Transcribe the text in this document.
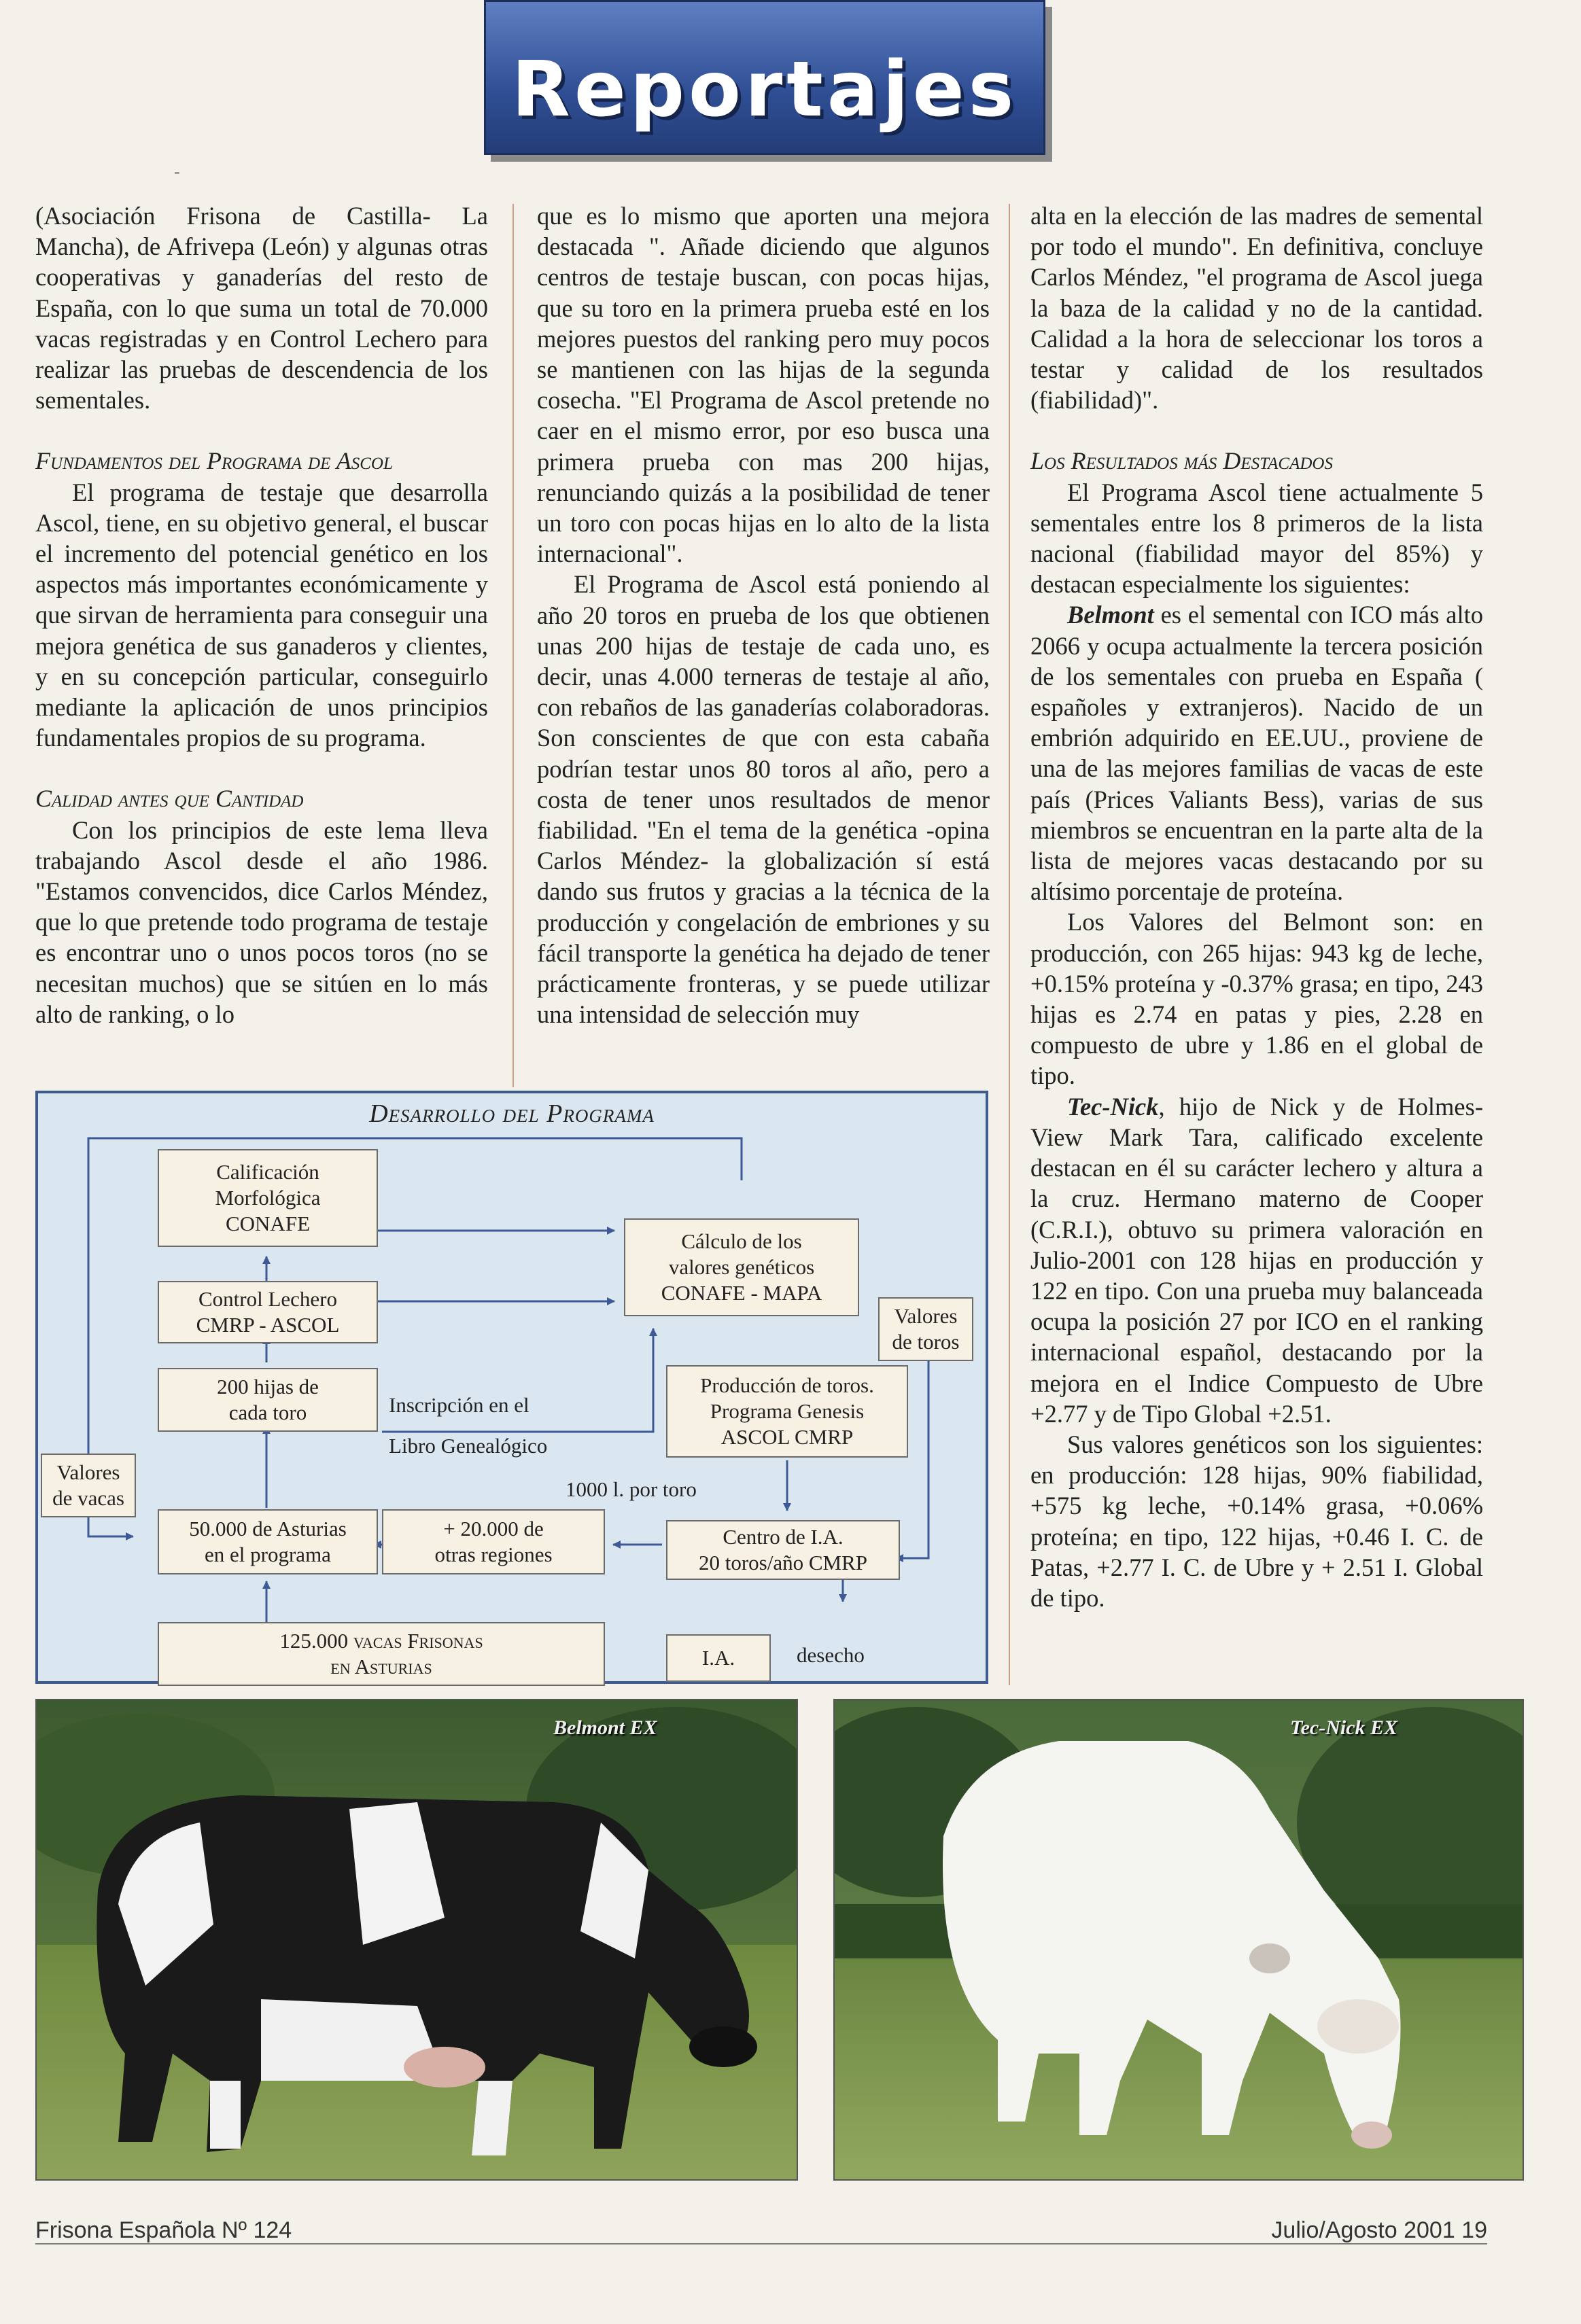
Reportajes
-

(Asociación Frisona de Castilla- La Mancha), de Afrivepa (León) y algunas otras cooperativas y ganaderías del resto de España, con lo que suma un total de 70.000 vacas registradas y en Control Lechero para realizar las pruebas de descendencia de los sementales.

Fundamentos del Programa de Ascol

El programa de testaje que desarrolla Ascol, tiene, en su objetivo general, el buscar el incremento del potencial genético en los aspectos más importantes económicamente y que sirvan de herramienta para conseguir una mejora genética de sus ganaderos y clientes, y en su concepción particular, conseguirlo mediante la aplicación de unos principios fundamentales propios de su programa.

Calidad antes que Cantidad

Con los principios de este lema lleva trabajando Ascol desde el año 1986. "Estamos convencidos, dice Carlos Méndez, que lo que pretende todo programa de testaje es encontrar uno o unos pocos toros (no se necesitan muchos) que se sitúen en lo más alto de ranking, o lo

que es lo mismo que aporten una mejora destacada ". Añade diciendo que algunos centros de testaje buscan, con pocas hijas, que su toro en la primera prueba esté en los mejores puestos del ranking pero muy pocos se mantienen con las hijas de la segunda cosecha. "El Programa de Ascol pretende no caer en el mismo error, por eso busca una primera prueba con mas 200 hijas, renunciando quizás a la posibilidad de tener un toro con pocas hijas en lo alto de la lista internacional".

El Programa de Ascol está poniendo al año 20 toros en prueba de los que obtienen unas 200 hijas de testaje de cada uno, es decir, unas 4.000 terneras de testaje al año, con rebaños de las ganaderías colaboradoras. Son conscientes de que con esta cabaña podrían testar unos 80 toros al año, pero a costa de tener unos resultados de menor fiabilidad. "En el tema de la genética -opina Carlos Méndez- la globalización sí está dando sus frutos y gracias a la técnica de la producción y congelación de embriones y su fácil transporte la genética ha dejado de tener prácticamente fronteras, y se puede utilizar una intensidad de selección muy

alta en la elección de las madres de semental por todo el mundo". En definitiva, concluye Carlos Méndez, "el programa de Ascol juega la baza de la calidad y no de la cantidad. Calidad a la hora de seleccionar los toros a testar y calidad de los resultados (fiabilidad)".

Los Resultados más Destacados

El Programa Ascol tiene actualmente 5 sementales entre los 8 primeros de la lista nacional (fiabilidad mayor del 85%) y destacan especialmente los siguientes:

Belmont es el semental con ICO más alto 2066 y ocupa actualmente la tercera posición de los sementales con prueba en España ( españoles y extranjeros). Nacido de un embrión adquirido en EE.UU., proviene de una de las mejores familias de vacas de este país (Prices Valiants Bess), varias de sus miembros se encuentran en la parte alta de la lista de mejores vacas destacando por su altísimo porcentaje de proteína.

Los Valores del Belmont son: en producción, con 265 hijas: 943 kg de leche, +0.15% proteína y -0.37% grasa; en tipo, 243 hijas es 2.74 en patas y pies, 2.28 en compuesto de ubre y 1.86 en el global de tipo.

Tec-Nick, hijo de Nick y de Holmes-View Mark Tara, calificado excelente destacan en él su carácter lechero y altura a la cruz. Hermano materno de Cooper (C.R.I.), obtuvo su primera valoración en Julio-2001 con 128 hijas en producción y 122 en tipo. Con una prueba muy balanceada ocupa la posición 27 por ICO en el ranking internacional español, destacando por la mejora en el Indice Compuesto de Ubre +2.77 y de Tipo Global +2.51.

Sus valores genéticos son los siguientes: en producción: 128 hijas, 90% fiabilidad, +575 kg leche, +0.14% grasa, +0.06% proteína; en tipo, 122 hijas, +0.46 I. C. de Patas, +2.77 I. C. de Ubre y + 2.51 I. Global de tipo.

Desarrollo del Programa
Calificación
Morfológica
CONAFE
Control Lechero
CMRP - ASCOL
200 hijas de
cada toro
50.000 de Asturias
en el programa
+ 20.000 de
otras regiones
125.000 vacas Frisonas
en Asturias
Cálculo de los
valores genéticos
CONAFE - MAPA
Producción de toros.
Programa Genesis
ASCOL CMRP
Centro de I.A.
20 toros/año CMRP
I.A.
Valores
de toros
Valores
de vacas
Inscripción en el
Libro Genealógico
1000 l. por toro
desecho
Belmont EX	Tec-Nick EX
Frisona Española Nº 124	Julio/Agosto 2001 19
